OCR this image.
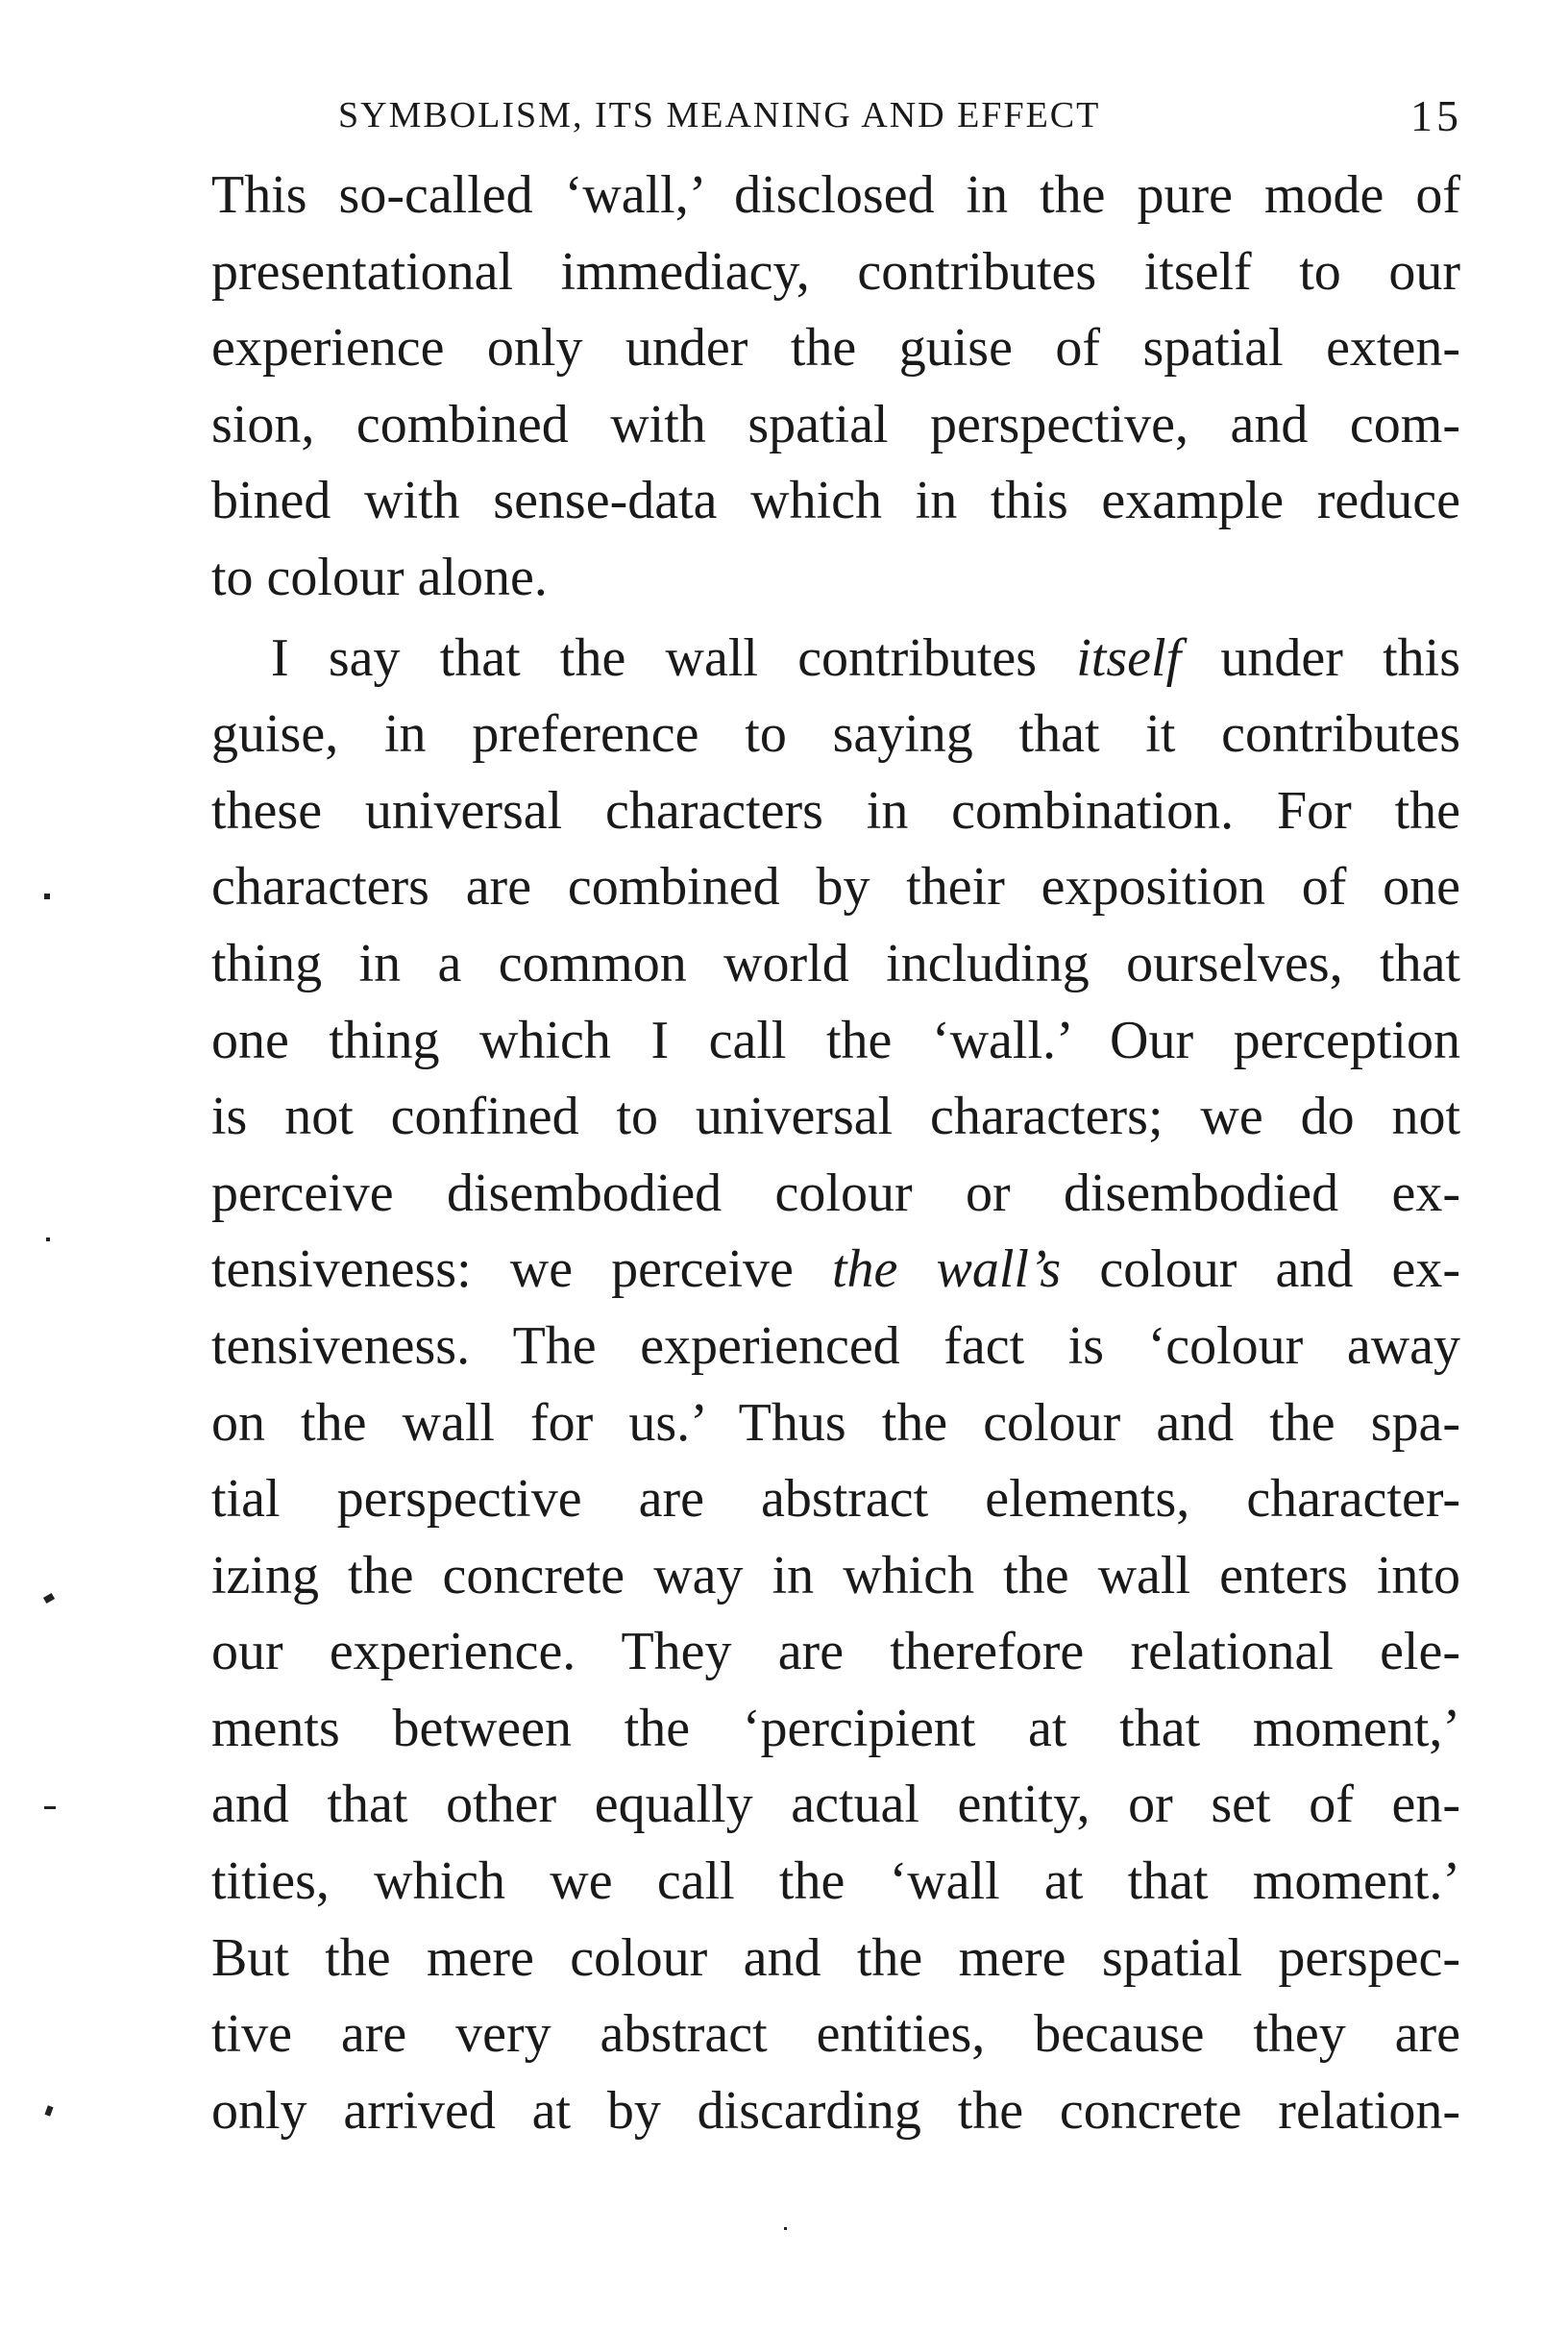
SYMBOLISM, ITS MEANING AND EFFECT	15
This so-called ‘wall,’ disclosed in the pure mode of
presentational immediacy, contributes itself to our
experience only under the guise of spatial exten-
sion, combined with spatial perspective, and com-
bined with sense-data which in this example reduce
to colour alone.
I say that the wall contributes itself under this
guise, in preference to saying that it contributes
these universal characters in combination. For the
characters are combined by their exposition of one
thing in a common world including ourselves, that
one thing which I call the ‘wall.’ Our perception
is not confined to universal characters; we do not
perceive disembodied colour or disembodied ex-
tensiveness: we perceive the wall’s colour and ex-
tensiveness. The experienced fact is ‘colour away
on the wall for us.’ Thus the colour and the spa-
tial perspective are abstract elements, character-
izing the concrete way in which the wall enters into
our experience. They are therefore relational ele-
ments between the ‘percipient at that moment,’
and that other equally actual entity, or set of en-
tities, which we call the ‘wall at that moment.’
But the mere colour and the mere spatial perspec-
tive are very abstract entities, because they are
only arrived at by discarding the concrete relation-
